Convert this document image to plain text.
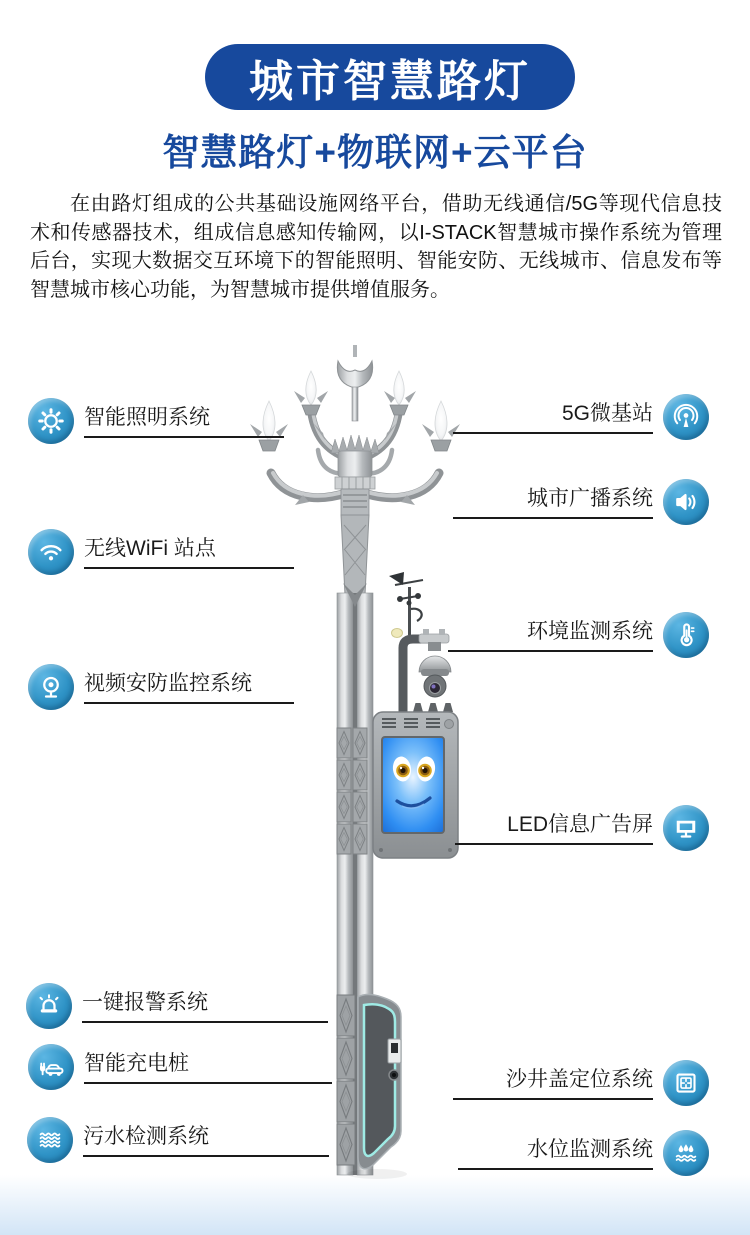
城市智慧路灯
智慧路灯+物联网+云平台

在由路灯组成的公共基础设施网络平台，借助无线通信/5G等现代信息技术和传感器技术，组成信息感知传输网，以I-STACK智慧城市操作系统为管理后台，实现大数据交互环境下的智能照明、智能安防、无线城市、信息发布等智慧城市核心功能，为智慧城市提供增值服务。

智能照明系统
无线WiFi 站点
视频安防监控系统
一键报警系统
智能充电桩
污水检测系统
5G微基站
城市广播系统
环境监测系统
LED信息广告屏
沙井盖定位系统
水位监测系统
